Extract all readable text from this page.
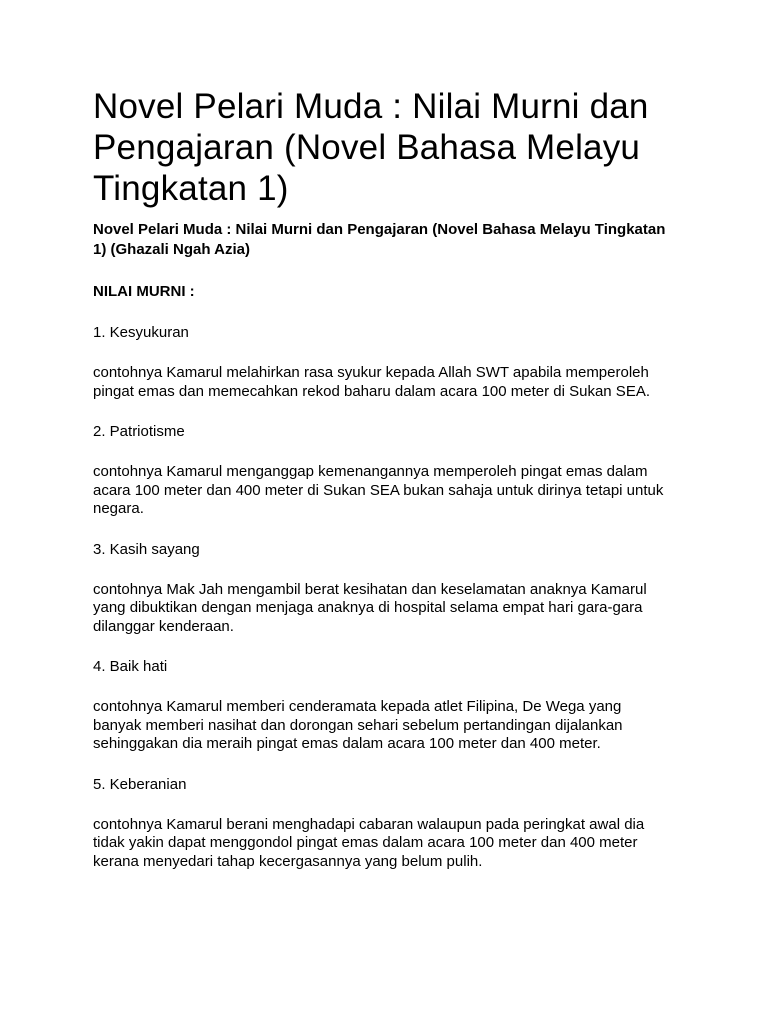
Novel Pelari Muda : Nilai Murni dan Pengajaran (Novel Bahasa Melayu Tingkatan 1)

Novel Pelari Muda : Nilai Murni dan Pengajaran (Novel Bahasa Melayu Tingkatan 1) (Ghazali Ngah Azia)

NILAI MURNI :

1. Kesyukuran

contohnya Kamarul melahirkan rasa syukur kepada Allah SWT apabila memperoleh pingat emas dan memecahkan rekod baharu dalam acara 100 meter di Sukan SEA.

2. Patriotisme

contohnya Kamarul menganggap kemenangannya memperoleh pingat emas dalam acara 100 meter dan 400 meter di Sukan SEA bukan sahaja untuk dirinya tetapi untuk negara.

3. Kasih sayang

contohnya Mak Jah mengambil berat kesihatan dan keselamatan anaknya Kamarul yang dibuktikan dengan menjaga anaknya di hospital selama empat hari gara-gara dilanggar kenderaan.

4. Baik hati

contohnya Kamarul memberi cenderamata kepada atlet Filipina, De Wega yang banyak memberi nasihat dan dorongan sehari sebelum pertandingan dijalankan sehinggakan dia meraih pingat emas dalam acara 100 meter dan 400 meter.

5. Keberanian

contohnya Kamarul berani menghadapi cabaran walaupun pada peringkat awal dia tidak yakin dapat menggondol pingat emas dalam acara 100 meter dan 400 meter kerana menyedari tahap kecergasannya yang belum pulih.
